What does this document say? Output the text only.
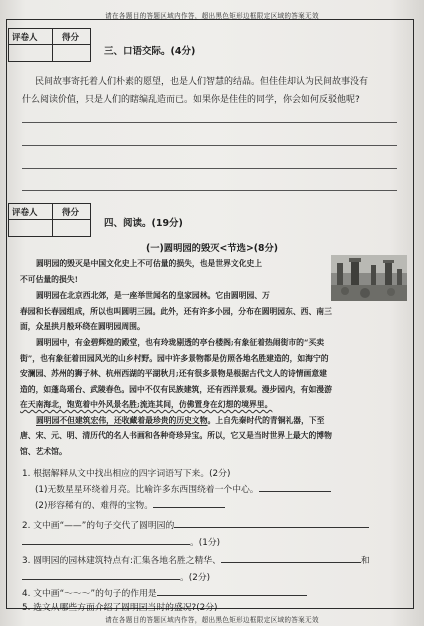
请在各题目的答题区域内作答，超出黑色矩形边框限定区域的答案无效
评卷人	得分
三、口语交际。(4分)
民间故事寄托着人们朴素的愿望，也是人们智慧的结晶。但佳佳却认为民间故事没有
什么阅读价值，只是人们的瞎编乱造而已。如果你是佳佳的同学，你会如何反驳他呢?
评卷人	得分
四、阅读。(19分)
(一)圆明园的毁灭<节选>(8分)
圆明园的毁灭是中国文化史上不可估量的损失，也是世界文化史上
不可估量的损失!
圆明园在北京西北郊，是一座举世闻名的皇家园林。它由圆明园、万
春园和长春园组成，所以也叫圆明三园。此外，还有许多小园，分布在圆明园东、西、南三
面，众星拱月般环绕在圆明园周围。
圆明园中，有金碧辉煌的殿堂，也有玲珑剔透的亭台楼阁;有象征着热闹街市的“买卖
街”，也有象征着田园风光的山乡村野。园中许多景物都是仿照各地名胜建造的，如海宁的
安澜园、苏州的狮子林、杭州西湖的平湖秋月;还有很多景物是根据古代文人的诗情画意建
造的，如蓬岛瑶台、武陵春色。园中不仅有民族建筑，还有西洋景观。漫步园内，有如漫游
在天南海北，饱览着中外风景名胜;流连其间，仿佛置身在幻想的境界里。
圆明园不但建筑宏伟，还收藏着最珍贵的历史文物。上自先秦时代的青铜礼器，下至
唐、宋、元、明、清历代的名人书画和各种奇珍异宝。所以，它又是当时世界上最大的博物
馆、艺术馆。
1. 根据解释从文中找出相应的四字词语写下来。(2分)
(1)无数星星环绕着月亮。比喻许多东西围绕着一个中心。
(2)形容稀有的、难得的宝物。
2. 文中画“——”的句子交代了圆明园的
。(1分)
3. 圆明园的园林建筑特点有:汇集各地名胜之精华、	和
。(2分)
4. 文中画“～～～”的句子的作用是
5. 选文从哪些方面介绍了圆明园当时的盛况?(2分)
请在各题目的答题区域内作答，超出黑色矩形边框限定区域的答案无效
